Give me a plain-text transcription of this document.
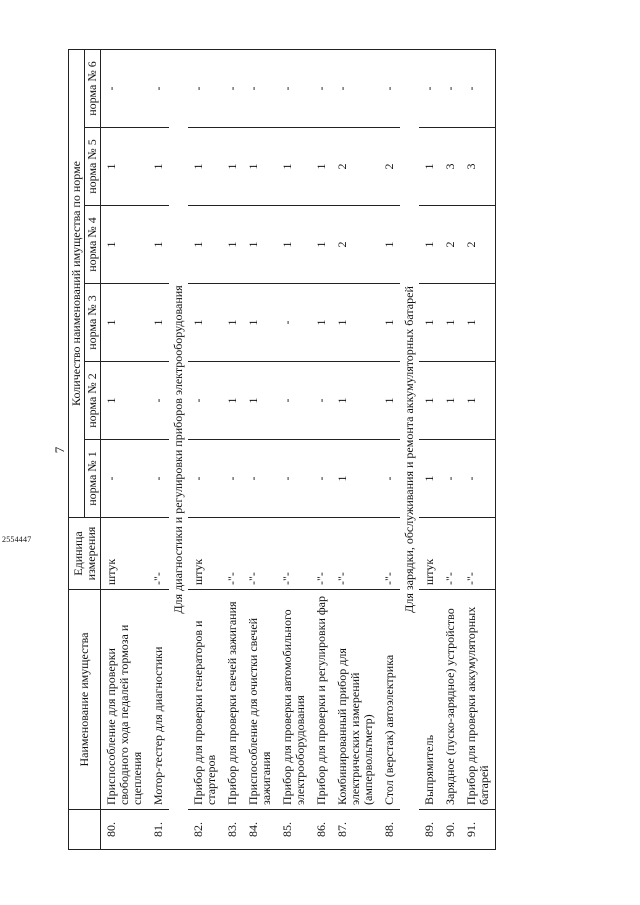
7
	Наименование имущества	Единица измерения	Количество наименований имущества по норме					
			норма № 1	норма № 2	норма № 3	норма № 4	норма № 5	норма № 6
80.	Приспособление для проверки свободного хода педалей тормоза и сцепления	штук	-	1	1	1	1	-
81.	Мотор-тестер для диагностики	-"-	-	-	1	1	1	-
Для диагностики и регулировки приборов электрооборудования								
82.	Прибор для проверки генераторов и стартеров	штук	-	-	1	1	1	-
83.	Прибор для проверки свечей зажигания	-"-	-	1	1	1	1	-
84.	Приспособление для очистки свечей зажигания	-"-	-	1	1	1	1	-
85.	Прибор для проверки автомобильного электрооборудования	-"-	-	-	-	1	1	-
86.	Прибор для проверки и регулировки фар	-"-	-	-	1	1	1	-
87.	Комбинированный прибор для электрических измерений (ампервольтметр)	-"-	1	1	1	2	2	-
88.	Стол (верстак) автоэлектрика	-"-	-	1	1	1	2	-
Для зарядки, обслуживания и ремонта аккумуляторных батарей								
89.	Выпрямитель	штук	1	1	1	1	1	-
90.	Зарядное (пуско-зарядное) устройство	-"-	-	1	1	2	3	-
91.	Прибор для проверки аккумуляторных батарей	-"-	-	1	1	2	3	-
2554447
